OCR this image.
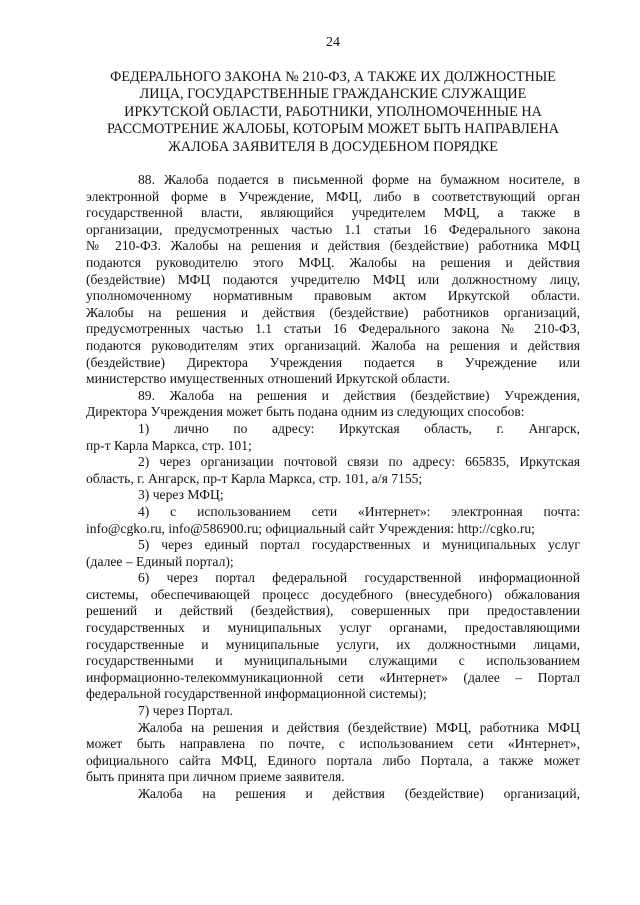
24
ФЕДЕРАЛЬНОГО ЗАКОНА № 210-ФЗ, А ТАКЖЕ ИХ ДОЛЖНОСТНЫЕ
ЛИЦА, ГОСУДАРСТВЕННЫЕ ГРАЖДАНСКИЕ СЛУЖАЩИЕ
ИРКУТСКОЙ ОБЛАСТИ, РАБОТНИКИ, УПОЛНОМОЧЕННЫЕ НА
РАССМОТРЕНИЕ ЖАЛОБЫ, КОТОРЫМ МОЖЕТ БЫТЬ НАПРАВЛЕНА
ЖАЛОБА ЗАЯВИТЕЛЯ В ДОСУДЕБНОМ ПОРЯДКЕ
88. Жалоба подается в письменной форме на бумажном носителе, в
электронной форме в Учреждение, МФЦ, либо в соответствующий орган
государственной власти, являющийся учредителем МФЦ, а также в
организации, предусмотренных частью 1.1 статьи 16 Федерального закона
№ 210-ФЗ. Жалобы на решения и действия (бездействие) работника МФЦ
подаются руководителю этого МФЦ. Жалобы на решения и действия
(бездействие) МФЦ подаются учредителю МФЦ или должностному лицу,
уполномоченному нормативным правовым актом Иркутской области.
Жалобы на решения и действия (бездействие) работников организаций,
предусмотренных частью 1.1 статьи 16 Федерального закона № 210-ФЗ,
подаются руководителям этих организаций. Жалоба на решения и действия
(бездействие) Директора Учреждения подается в Учреждение или
министерство имущественных отношений Иркутской области.
89. Жалоба на решения и действия (бездействие) Учреждения,
Директора Учреждения может быть подана одним из следующих способов:
1) лично по адресу: Иркутская область, г. Ангарск,
пр-т Карла Маркса, стр. 101;
2) через организации почтовой связи по адресу: 665835, Иркутская
область, г. Ангарск, пр-т Карла Маркса, стр. 101, а/я 7155;
3) через МФЦ;
4) с использованием сети «Интернет»: электронная почта:
info@cgko.ru, info@586900.ru; официальный сайт Учреждения: http://cgko.ru;
5) через единый портал государственных и муниципальных услуг
(далее – Единый портал);
6) через портал федеральной государственной информационной
системы, обеспечивающей процесс досудебного (внесудебного) обжалования
решений и действий (бездействия), совершенных при предоставлении
государственных и муниципальных услуг органами, предоставляющими
государственные и муниципальные услуги, их должностными лицами,
государственными и муниципальными служащими с использованием
информационно-телекоммуникационной сети «Интернет» (далее – Портал
федеральной государственной информационной системы);
7) через Портал.
Жалоба на решения и действия (бездействие) МФЦ, работника МФЦ
может быть направлена по почте, с использованием сети «Интернет»,
официального сайта МФЦ, Единого портала либо Портала, а также может
быть принята при личном приеме заявителя.
Жалоба на решения и действия (бездействие) организаций,
